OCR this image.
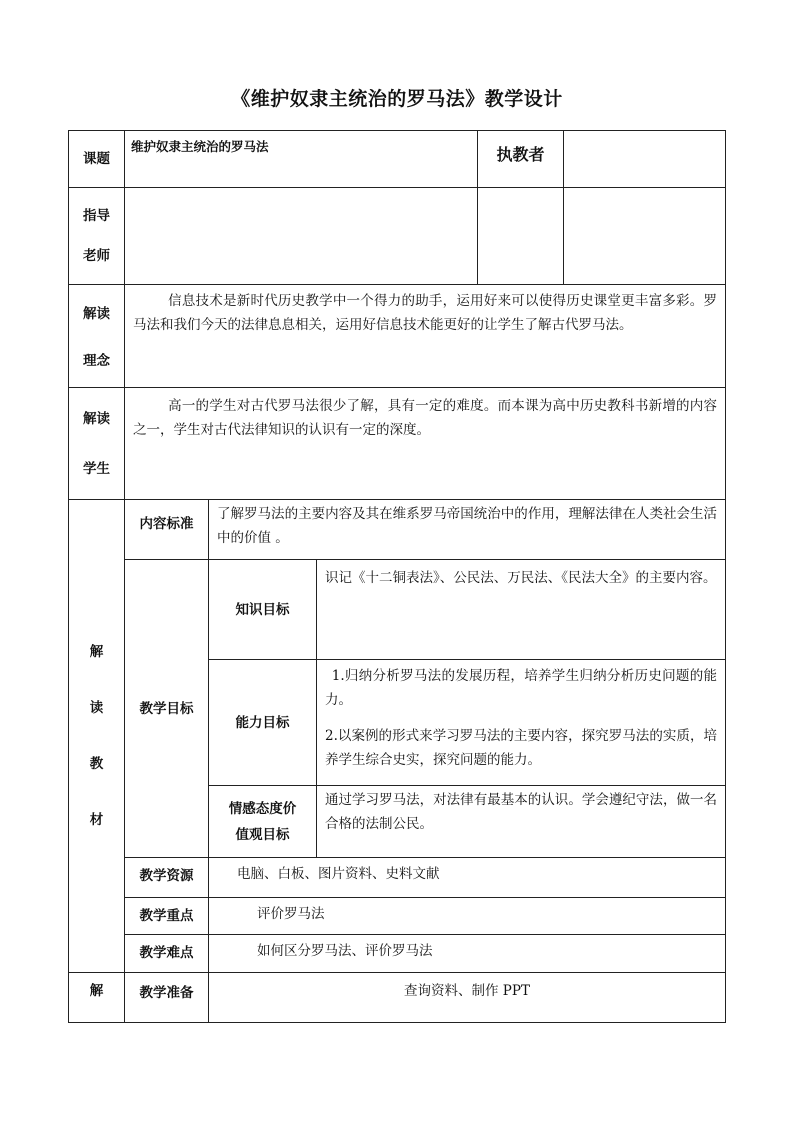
《维护奴隶主统治的罗马法》教学设计
课题	维护奴隶主统治的罗马法			执教者	

指导
老师					

解读
理念	信息技术是新时代历史教学中一个得力的助手，运用好来可以使得历史课堂更丰富多彩。罗马法和我们今天的法律息息相关，运用好信息技术能更好的让学生了解古代罗马法。				

解读
学生	高一的学生对古代罗马法很少了解，具有一定的难度。而本课为高中历史教科书新增的内容之一，学生对古代法律知识的认识有一定的深度。				

解
读
教
材	内容标准	了解罗马法的主要内容及其在维系罗马帝国统治中的作用，理解法律在人类社会生活中的价值 。			
	教学目标	知识目标	识记《十二铜表法》、公民法、万民法、《民法大全》的主要内容。		
		能力目标	1.归纳分析罗马法的发展历程，培养学生归纳分析历史问题的能力。
2.以案例的形式来学习罗马法的主要内容，探究罗马法的实质，培养学生综合史实，探究问题的能力。		

		情感态度价
值观目标	通过学习罗马法，对法律有最基本的认识。学会遵纪守法，做一名合格的法制公民。		
	教学资源	电脑、白板、图片资料、史料文献			
	教学重点	评价罗马法			
	教学难点	如何区分罗马法、评价罗马法			
解	教学准备	查询资料、制作 PPT			
